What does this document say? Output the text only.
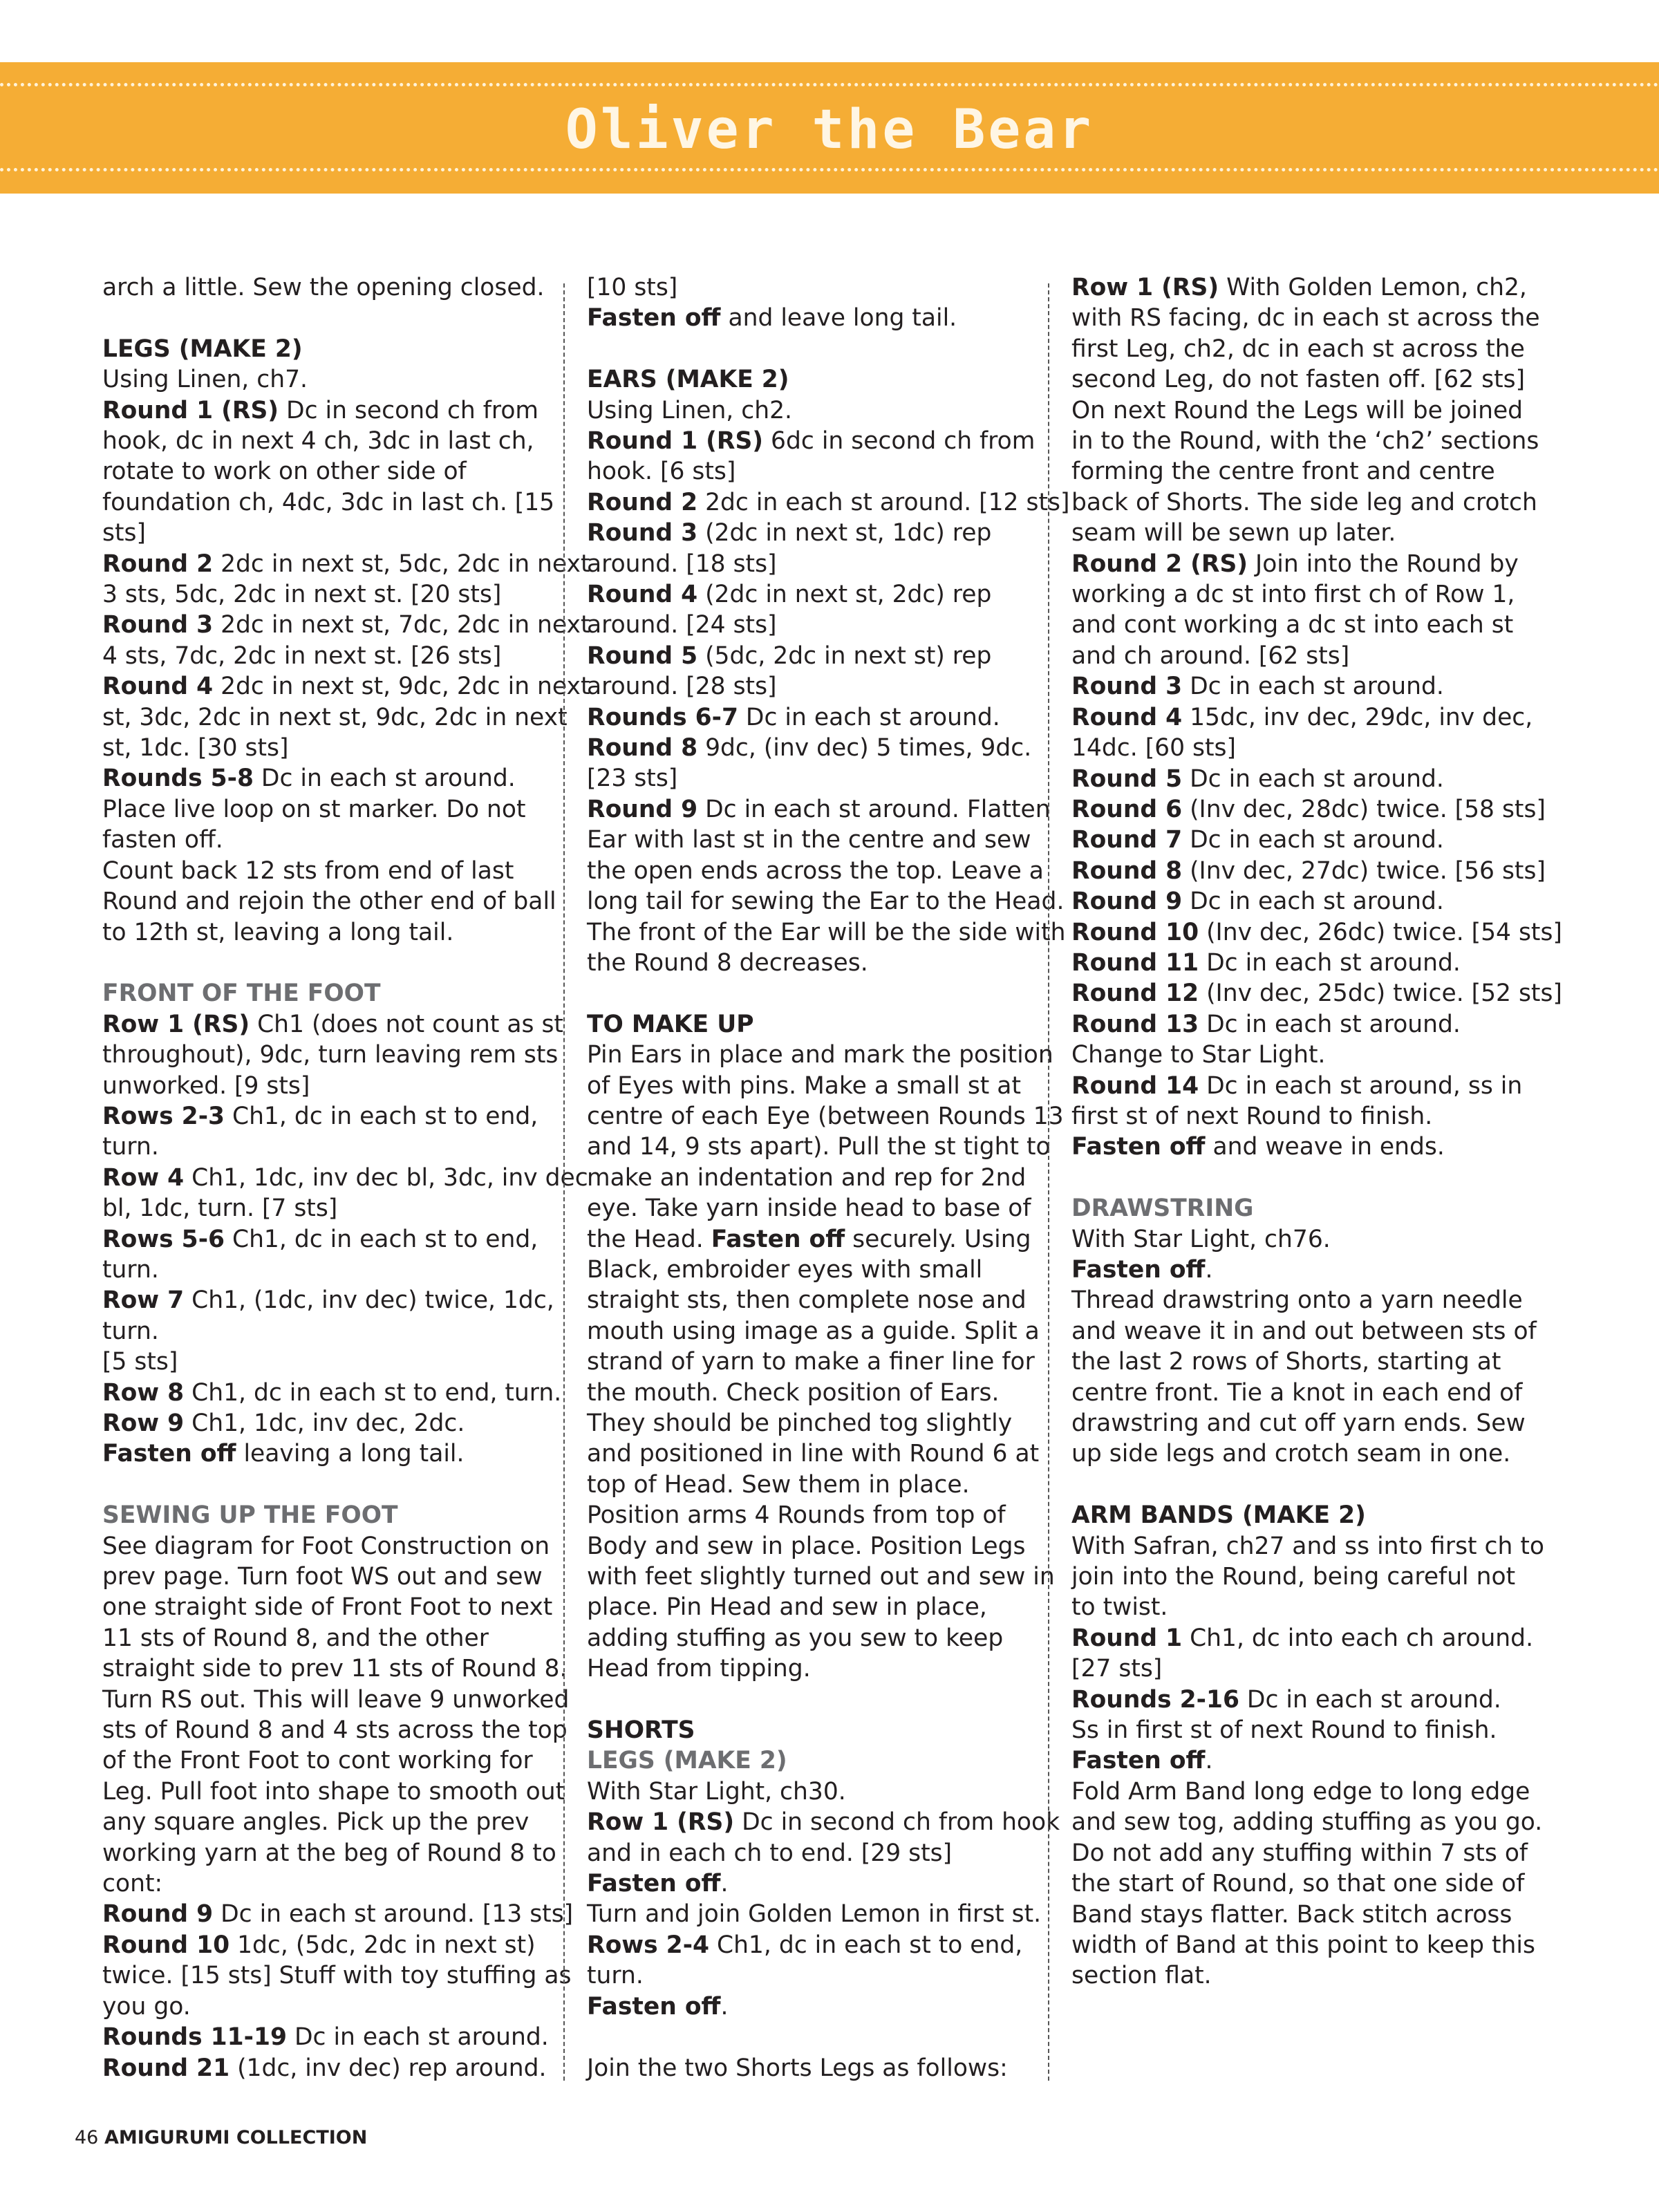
Oliver the Bear

arch a little. Sew the opening closed.

LEGS (MAKE 2)

Using Linen, ch7.

Round 1 (RS) Dc in second ch from

hook, dc in next 4 ch, 3dc in last ch,

rotate to work on other side of

foundation ch, 4dc, 3dc in last ch. [15

sts]

Round 2 2dc in next st, 5dc, 2dc in next

3 sts, 5dc, 2dc in next st. [20 sts]

Round 3 2dc in next st, 7dc, 2dc in next

4 sts, 7dc, 2dc in next st. [26 sts]

Round 4 2dc in next st, 9dc, 2dc in next

st, 3dc, 2dc in next st, 9dc, 2dc in next

st, 1dc. [30 sts]

Rounds 5-8 Dc in each st around.

Place live loop on st marker. Do not

fasten off.

Count back 12 sts from end of last

Round and rejoin the other end of ball

to 12th st, leaving a long tail.

FRONT OF THE FOOT

Row 1 (RS) Ch1 (does not count as st

throughout), 9dc, turn leaving rem sts

unworked. [9 sts]

Rows 2-3 Ch1, dc in each st to end,

turn.

Row 4 Ch1, 1dc, inv dec bl, 3dc, inv dec

bl, 1dc, turn. [7 sts]

Rows 5-6 Ch1, dc in each st to end,

turn.

Row 7 Ch1, (1dc, inv dec) twice, 1dc,

turn.

[5 sts]

Row 8 Ch1, dc in each st to end, turn.

Row 9 Ch1, 1dc, inv dec, 2dc.

Fasten off leaving a long tail.

SEWING UP THE FOOT

See diagram for Foot Construction on

prev page. Turn foot WS out and sew

one straight side of Front Foot to next

11 sts of Round 8, and the other

straight side to prev 11 sts of Round 8.

Turn RS out. This will leave 9 unworked

sts of Round 8 and 4 sts across the top

of the Front Foot to cont working for

Leg. Pull foot into shape to smooth out

any square angles. Pick up the prev

working yarn at the beg of Round 8 to

cont:

Round 9 Dc in each st around. [13 sts]

Round 10 1dc, (5dc, 2dc in next st)

twice. [15 sts] Stuff with toy stuffing as

you go.

Rounds 11-19 Dc in each st around.

Round 21 (1dc, inv dec) rep around.

[10 sts]

Fasten off and leave long tail.

EARS (MAKE 2)

Using Linen, ch2.

Round 1 (RS) 6dc in second ch from

hook. [6 sts]

Round 2 2dc in each st around. [12 sts]

Round 3 (2dc in next st, 1dc) rep

around. [18 sts]

Round 4 (2dc in next st, 2dc) rep

around. [24 sts]

Round 5 (5dc, 2dc in next st) rep

around. [28 sts]

Rounds 6-7 Dc in each st around.

Round 8 9dc, (inv dec) 5 times, 9dc.

[23 sts]

Round 9 Dc in each st around. Flatten

Ear with last st in the centre and sew

the open ends across the top. Leave a

long tail for sewing the Ear to the Head.

The front of the Ear will be the side with

the Round 8 decreases.

TO MAKE UP

Pin Ears in place and mark the position

of Eyes with pins. Make a small st at

centre of each Eye (between Rounds 13

and 14, 9 sts apart). Pull the st tight to

make an indentation and rep for 2nd

eye. Take yarn inside head to base of

the Head. Fasten off securely. Using

Black, embroider eyes with small

straight sts, then complete nose and

mouth using image as a guide. Split a

strand of yarn to make a finer line for

the mouth. Check position of Ears.

They should be pinched tog slightly

and positioned in line with Round 6 at

top of Head. Sew them in place.

Position arms 4 Rounds from top of

Body and sew in place. Position Legs

with feet slightly turned out and sew in

place. Pin Head and sew in place,

adding stuffing as you sew to keep

Head from tipping.

SHORTS

LEGS (MAKE 2)

With Star Light, ch30.

Row 1 (RS) Dc in second ch from hook

and in each ch to end. [29 sts]

Fasten off.

Turn and join Golden Lemon in first st.

Rows 2-4 Ch1, dc in each st to end,

turn.

Fasten off.

Join the two Shorts Legs as follows:

Row 1 (RS) With Golden Lemon, ch2,

with RS facing, dc in each st across the

first Leg, ch2, dc in each st across the

second Leg, do not fasten off. [62 sts]

On next Round the Legs will be joined

in to the Round, with the ‘ch2’ sections

forming the centre front and centre

back of Shorts. The side leg and crotch

seam will be sewn up later.

Round 2 (RS) Join into the Round by

working a dc st into first ch of Row 1,

and cont working a dc st into each st

and ch around. [62 sts]

Round 3 Dc in each st around.

Round 4 15dc, inv dec, 29dc, inv dec,

14dc. [60 sts]

Round 5 Dc in each st around.

Round 6 (Inv dec, 28dc) twice. [58 sts]

Round 7 Dc in each st around.

Round 8 (Inv dec, 27dc) twice. [56 sts]

Round 9 Dc in each st around.

Round 10 (Inv dec, 26dc) twice. [54 sts]

Round 11 Dc in each st around.

Round 12 (Inv dec, 25dc) twice. [52 sts]

Round 13 Dc in each st around.

Change to Star Light.

Round 14 Dc in each st around, ss in

first st of next Round to finish.

Fasten off and weave in ends.

DRAWSTRING

With Star Light, ch76.

Fasten off.

Thread drawstring onto a yarn needle

and weave it in and out between sts of

the last 2 rows of Shorts, starting at

centre front. Tie a knot in each end of

drawstring and cut off yarn ends. Sew

up side legs and crotch seam in one.

ARM BANDS (MAKE 2)

With Safran, ch27 and ss into first ch to

join into the Round, being careful not

to twist.

Round 1 Ch1, dc into each ch around.

[27 sts]

Rounds 2-16 Dc in each st around.

Ss in first st of next Round to finish.

Fasten off.

Fold Arm Band long edge to long edge

and sew tog, adding stuffing as you go.

Do not add any stuffing within 7 sts of

the start of Round, so that one side of

Band stays flatter. Back stitch across

width of Band at this point to keep this

section flat.

46 AMIGURUMI COLLECTION
